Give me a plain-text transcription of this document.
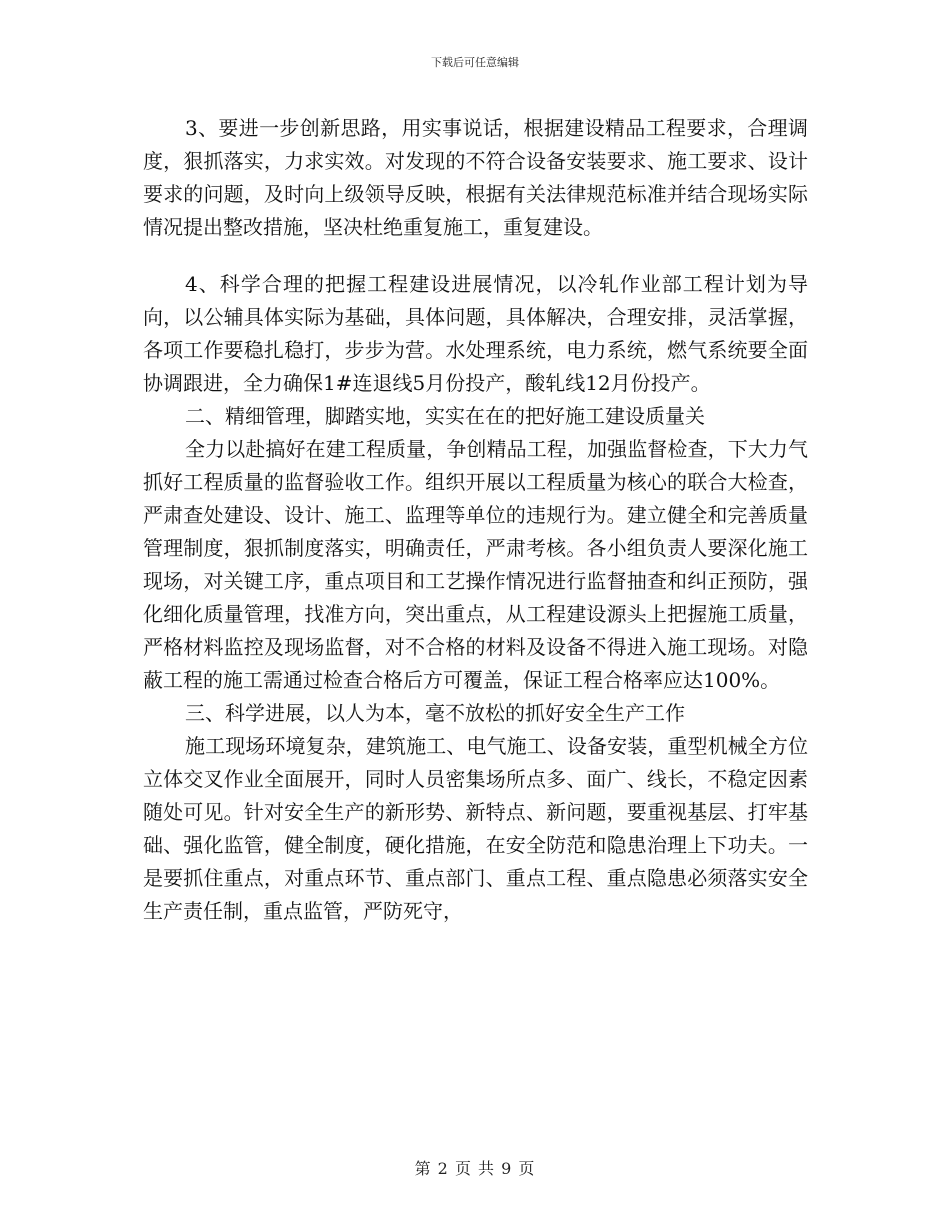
下载后可任意编辑

3、要进一步创新思路，用实事说话，根据建设精品工程要求，合理调度，狠抓落实，力求实效。对发现的不符合设备安装要求、施工要求、设计要求的问题，及时向上级领导反映，根据有关法律规范标准并结合现场实际情况提出整改措施，坚决杜绝重复施工，重复建设。

4、科学合理的把握工程建设进展情况，以冷轧作业部工程计划为导向，以公辅具体实际为基础，具体问题，具体解决，合理安排，灵活掌握，各项工作要稳扎稳打，步步为营。水处理系统，电力系统，燃气系统要全面协调跟进，全力确保1#连退线5月份投产，酸轧线12月份投产。

二、精细管理，脚踏实地，实实在在的把好施工建设质量关

全力以赴搞好在建工程质量，争创精品工程，加强监督检查，下大力气抓好工程质量的监督验收工作。组织开展以工程质量为核心的联合大检查，严肃查处建设、设计、施工、监理等单位的违规行为。建立健全和完善质量管理制度，狠抓制度落实，明确责任，严肃考核。各小组负责人要深化施工现场，对关键工序，重点项目和工艺操作情况进行监督抽查和纠正预防，强化细化质量管理，找准方向，突出重点，从工程建设源头上把握施工质量，严格材料监控及现场监督，对不合格的材料及设备不得进入施工现场。对隐蔽工程的施工需通过检查合格后方可覆盖，保证工程合格率应达100%。

三、科学进展，以人为本，毫不放松的抓好安全生产工作

施工现场环境复杂，建筑施工、电气施工、设备安装，重型机械全方位立体交叉作业全面展开，同时人员密集场所点多、面广、线长，不稳定因素随处可见。针对安全生产的新形势、新特点、新问题，要重视基层、打牢基础、强化监管，健全制度，硬化措施，在安全防范和隐患治理上下功夫。一是要抓住重点，对重点环节、重点部门、重点工程、重点隐患必须落实安全生产责任制，重点监管，严防死守，

第 2 页 共 9 页
